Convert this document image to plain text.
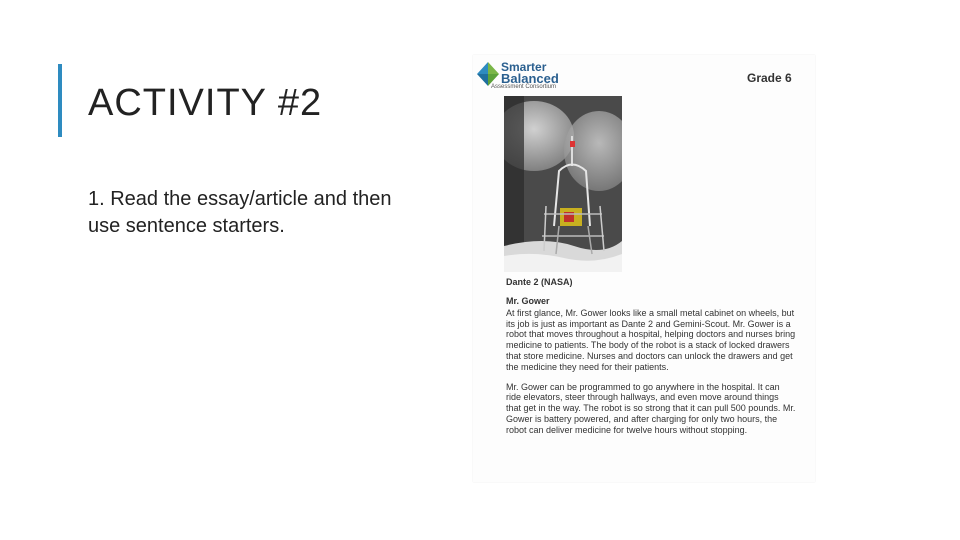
ACTIVITY #2
1. Read the essay/article and then use sentence starters.
Smarter
Balanced
Assessment Consortium
Grade 6
Dante 2 (NASA)
Mr. Gower

At first glance, Mr. Gower looks like a small metal cabinet on wheels, but its job is just as important as Dante 2 and Gemini-Scout. Mr. Gower is a robot that moves throughout a hospital, helping doctors and nurses bring medicine to patients. The body of the robot is a stack of locked drawers that store medicine. Nurses and doctors can unlock the drawers and get the medicine they need for their patients.

Mr. Gower can be programmed to go anywhere in the hospital. It can ride elevators, steer through hallways, and even move around things that get in the way. The robot is so strong that it can pull 500 pounds. Mr. Gower is battery powered, and after charging for only two hours, the robot can deliver medicine for twelve hours without stopping.
